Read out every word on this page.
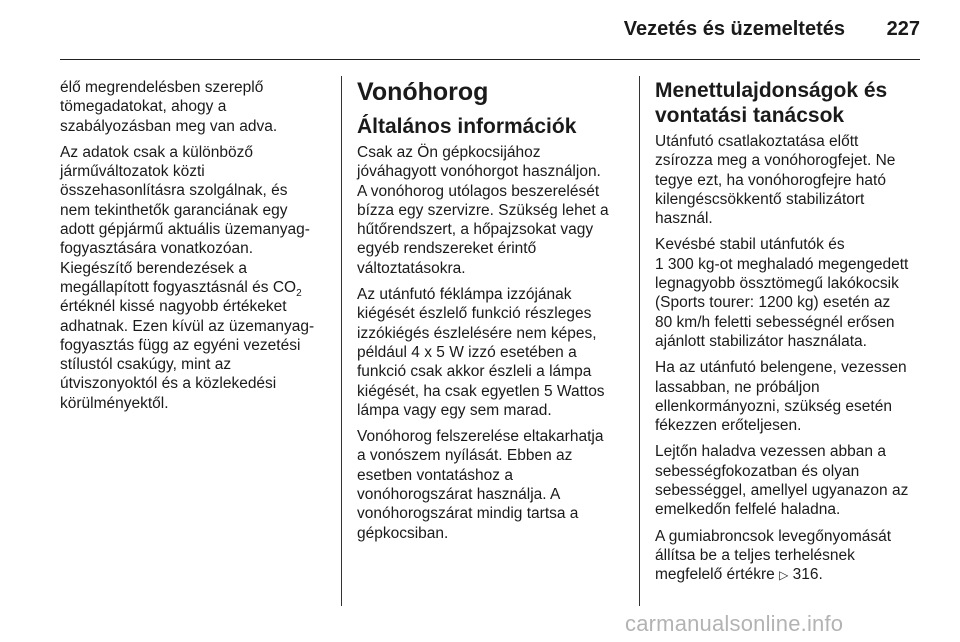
Vezetés és üzemeltetés	227

élő megrendelésben szereplő
tömegadatokat, ahogy a
szabályozásban meg van adva.

Az adatok csak a különböző
járműváltozatok közti
összehasonlításra szolgálnak, és
nem tekinthetők garanciának egy
adott gépjármű aktuális üzemanyag-
fogyasztására vonatkozóan.
Kiegészítő berendezések a
megállapított fogyasztásnál és $CO_2$
értéknél kissé nagyobb értékeket
adhatnak. Ezen kívül az üzemanyag-
fogyasztás függ az egyéni vezetési
stílustól csakúgy, mint az
útviszonyoktól és a közlekedési
körülményektől.

Vonóhorog
Általános információk

Csak az Ön gépkocsijához
jóváhagyott vonóhorgot használjon.
A vonóhorog utólagos beszerelését
bízza egy szervizre. Szükség lehet a
hűtőrendszert, a hőpajzsokat vagy
egyéb rendszereket érintő
változtatásokra.

Az utánfutó féklámpa izzójának
kiégését észlelő funkció részleges
izzókiégés észlelésére nem képes,
például 4 x 5 W izzó esetében a
funkció csak akkor észleli a lámpa
kiégését, ha csak egyetlen 5 Wattos
lámpa vagy egy sem marad.

Vonóhorog felszerelése eltakarhatja
a vonószem nyílását. Ebben az
esetben vontatáshoz a
vonóhorogszárat használja. A
vonóhorogszárat mindig tartsa a
gépkocsiban.

Menettulajdonságok és
vontatási tanácsok

Utánfutó csatlakoztatása előtt
zsírozza meg a vonóhorogfejet. Ne
tegye ezt, ha vonóhorogfejre ható
kilengéscsökkentő stabilizátort
használ.

Kevésbé stabil utánfutók és
1 300 kg-ot meghaladó megengedett
legnagyobb össztömegű lakókocsik
(Sports tourer: 1200 kg) esetén az
80 km/h feletti sebességnél erősen
ajánlott stabilizátor használata.

Ha az utánfutó belengene, vezessen
lassabban, ne próbáljon
ellenkormányozni, szükség esetén
fékezzen erőteljesen.

Lejtőn haladva vezessen abban a
sebességfokozatban és olyan
sebességgel, amellyel ugyanazon az
emelkedőn felfelé haladna.

A gumiabroncsok levegőnyomását
állítsa be a teljes terhelésnek
megfelelő értékre ▷ 316.

carmanualsonline.info
